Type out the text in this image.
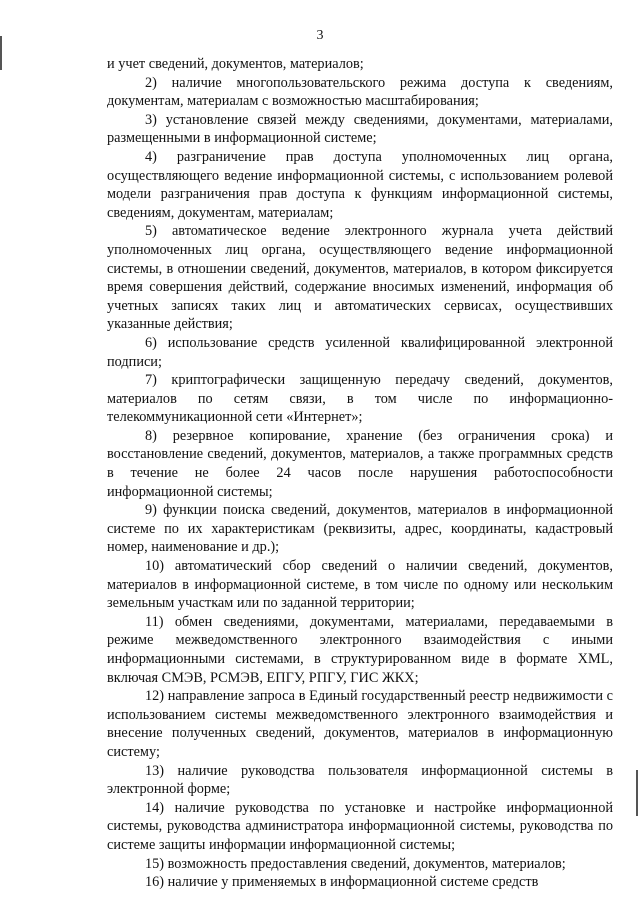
3

и учет сведений, документов, материалов;

2) наличие многопользовательского режима доступа к сведениям, документам, материалам с возможностью масштабирования;

3) установление связей между сведениями, документами, материалами, размещенными в информационной системе;

4) разграничение прав доступа уполномоченных лиц органа, осуществляющего ведение информационной системы, с использованием ролевой модели разграничения прав доступа к функциям информационной системы, сведениям, документам, материалам;

5) автоматическое ведение электронного журнала учета действий уполномоченных лиц органа, осуществляющего ведение информационной системы, в отношении сведений, документов, материалов, в котором фиксируется время совершения действий, содержание вносимых изменений, информация об учетных записях таких лиц и автоматических сервисах, осуществивших указанные действия;

6) использование средств усиленной квалифицированной электронной подписи;

7) криптографически защищенную передачу сведений, документов, материалов по сетям связи, в том числе по информационно-телекоммуникационной сети «Интернет»;

8) резервное копирование, хранение (без ограничения срока) и восстановление сведений, документов, материалов, а также программных средств в течение не более 24 часов после нарушения работоспособности информационной системы;

9) функции поиска сведений, документов, материалов в информационной системе по их характеристикам (реквизиты, адрес, координаты, кадастровый номер, наименование и др.);

10) автоматический сбор сведений о наличии сведений, документов, материалов в информационной системе, в том числе по одному или нескольким земельным участкам или по заданной территории;

11) обмен сведениями, документами, материалами, передаваемыми в режиме межведомственного электронного взаимодействия с иными информационными системами, в структурированном виде в формате XML, включая СМЭВ, РСМЭВ, ЕПГУ, РПГУ, ГИС ЖКХ;

12) направление запроса в Единый государственный реестр недвижимости с использованием системы межведомственного электронного взаимодействия и внесение полученных сведений, документов, материалов в информационную систему;

13) наличие руководства пользователя информационной системы в электронной форме;

14) наличие руководства по установке и настройке информационной системы, руководства администратора информационной системы, руководства по системе защиты информации информационной системы;

15) возможность предоставления сведений, документов, материалов;

16) наличие у применяемых в информационной системе средств
